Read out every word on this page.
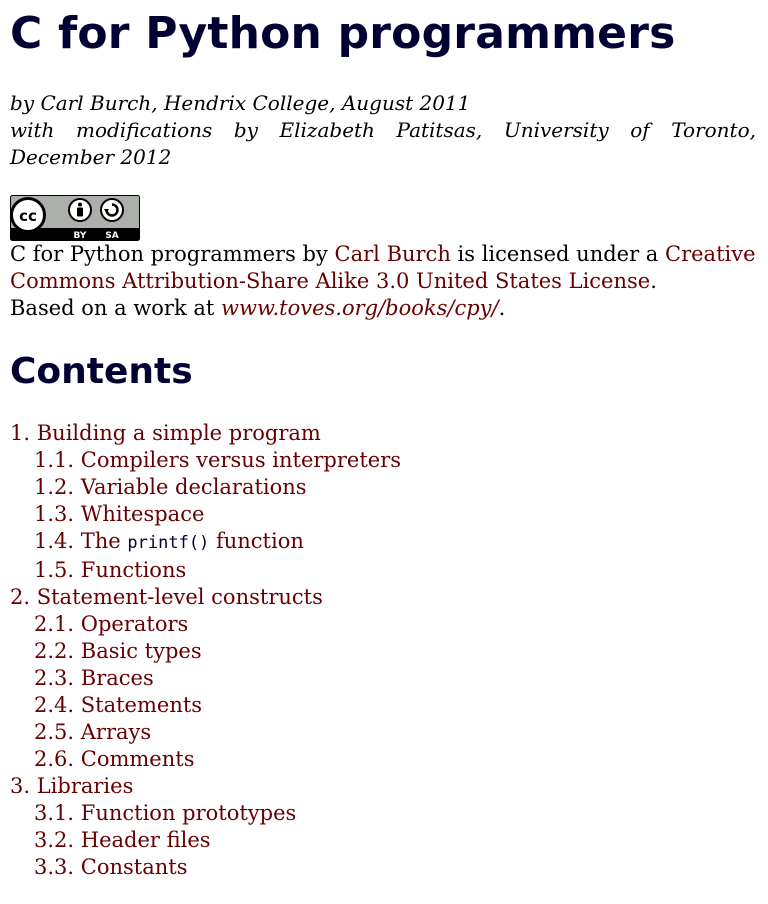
C for Python programmers

by Carl Burch, Hendrix College, August 2011
with modifications by Elizabeth Patitsas, University of Toronto, December 2012

cc
BY SA

C for Python programmers by Carl Burch is licensed under a Creative Commons Attribution-Share Alike 3.0 United States License.
Based on a work at www.toves.org/books/cpy/.

Contents
1. Building a simple program
1.1. Compilers versus interpreters
1.2. Variable declarations
1.3. Whitespace
1.4. The printf() function
1.5. Functions
2. Statement-level constructs
2.1. Operators
2.2. Basic types
2.3. Braces
2.4. Statements
2.5. Arrays
2.6. Comments
3. Libraries
3.1. Function prototypes
3.2. Header files
3.3. Constants
